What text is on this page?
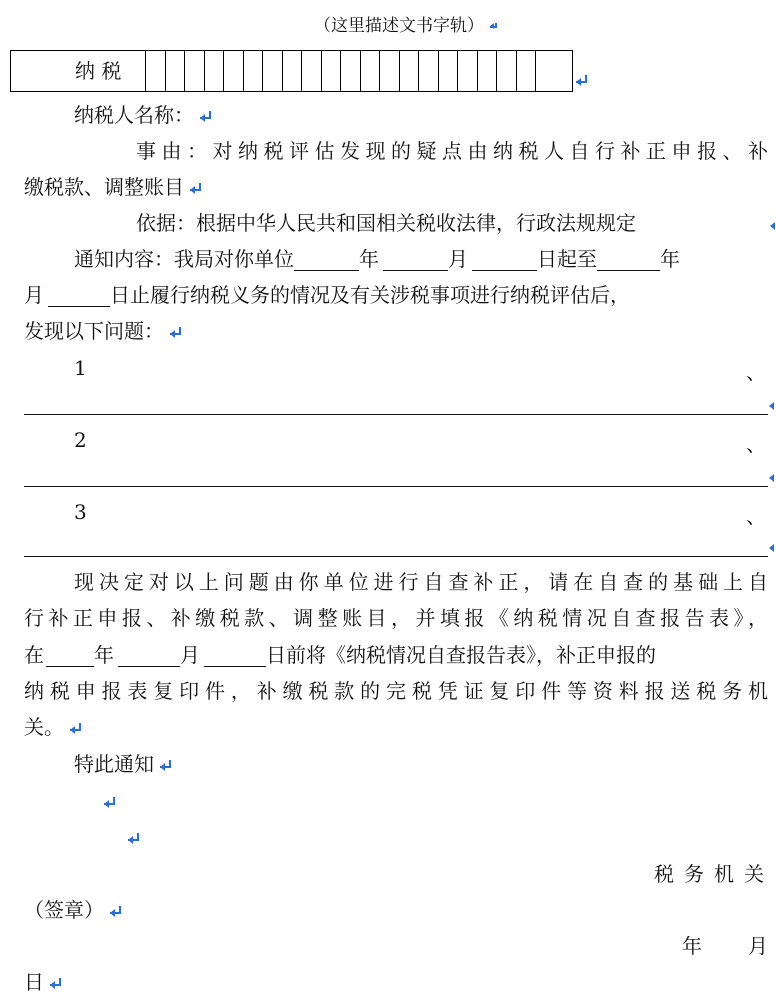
（这里描述文书字轨）
纳 税

纳税人名称：
事由：对纳税评估发现的疑点由纳税人自行补正申报、补
缴税款、调整账目
依据：根据中华人民共和国相关税收法律，行政法规规定
通知内容：我局对你单位	年	月	日起至	年
月	日止履行纳税义务的情况及有关涉税事项进行纳税评估后，
发现以下问题：
1	、
2	、
3	、
现决定对以上问题由你单位进行自查补正，请在自查的基础上自
行补正申报、补缴税款、调整账目，并填报《纳税情况自查报告表》，
在	年	月	日前将《纳税情况自查报告表》，补正申报的
纳税申报表复印件，补缴税款的完税凭证复印件等资料报送税务机
关。
特此通知

税务机关
（签章）
年 月
日
